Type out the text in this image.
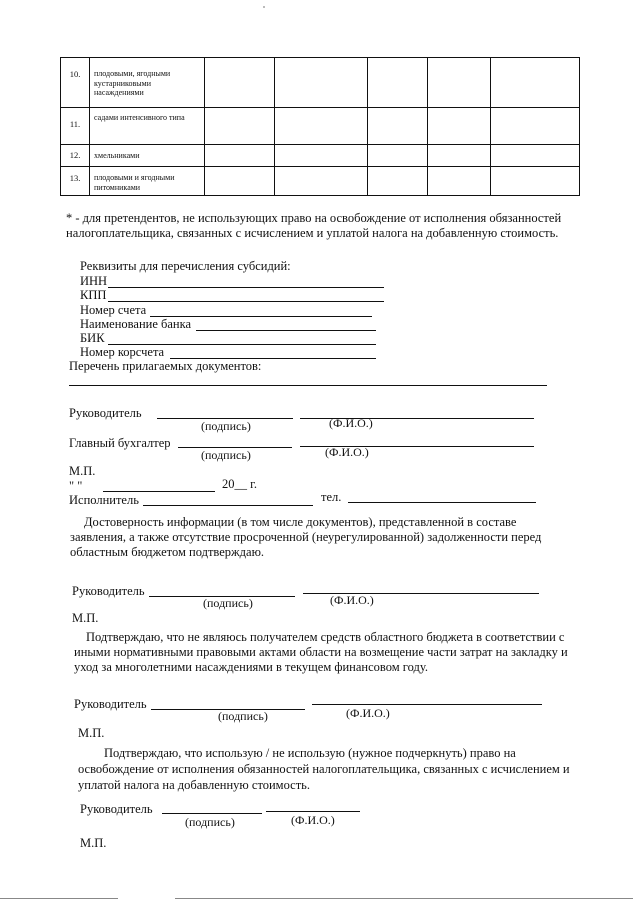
10.	плодовыми, ягодными кустарниковыми насаждениями					

11.	садами интенсивного типа					

12.	хмельниками					

13.	плодовыми и ягодными питомниками					

* - для претендентов, не использующих право на освобождение от исполнения обязанностей
налогоплательщика, связанных с исчислением и уплатой налога на добавленную стоимость.
Реквизиты для перечисления субсидий:
ИНН
КПП
Номер счета
Наименование банка
БИК
Номер корсчета
Перечень прилагаемых документов:
Руководитель
(подпись)	(Ф.И.О.)
Главный бухгалтер
(подпись)	(Ф.И.О.)
М.П.
" "	20__ г.
Исполнитель	тел.
Достоверность информации (в том числе документов), представленной в составе
заявления, а также отсутствие просроченной (неурегулированной) задолженности перед
областным бюджетом подтверждаю.
Руководитель
(подпись)	(Ф.И.О.)
М.П.
Подтверждаю, что не являюсь получателем средств областного бюджета в соответствии с
иными нормативными правовыми актами области на возмещение части затрат на закладку и
уход за многолетними насаждениями в текущем финансовом году.
Руководитель
(подпись)	(Ф.И.О.)
М.П.
Подтверждаю, что использую / не использую (нужное подчеркнуть) право на
освобождение от исполнения обязанностей налогоплательщика, связанных с исчислением и
уплатой налога на добавленную стоимость.
Руководитель
(подпись)	(Ф.И.О.)
М.П.
